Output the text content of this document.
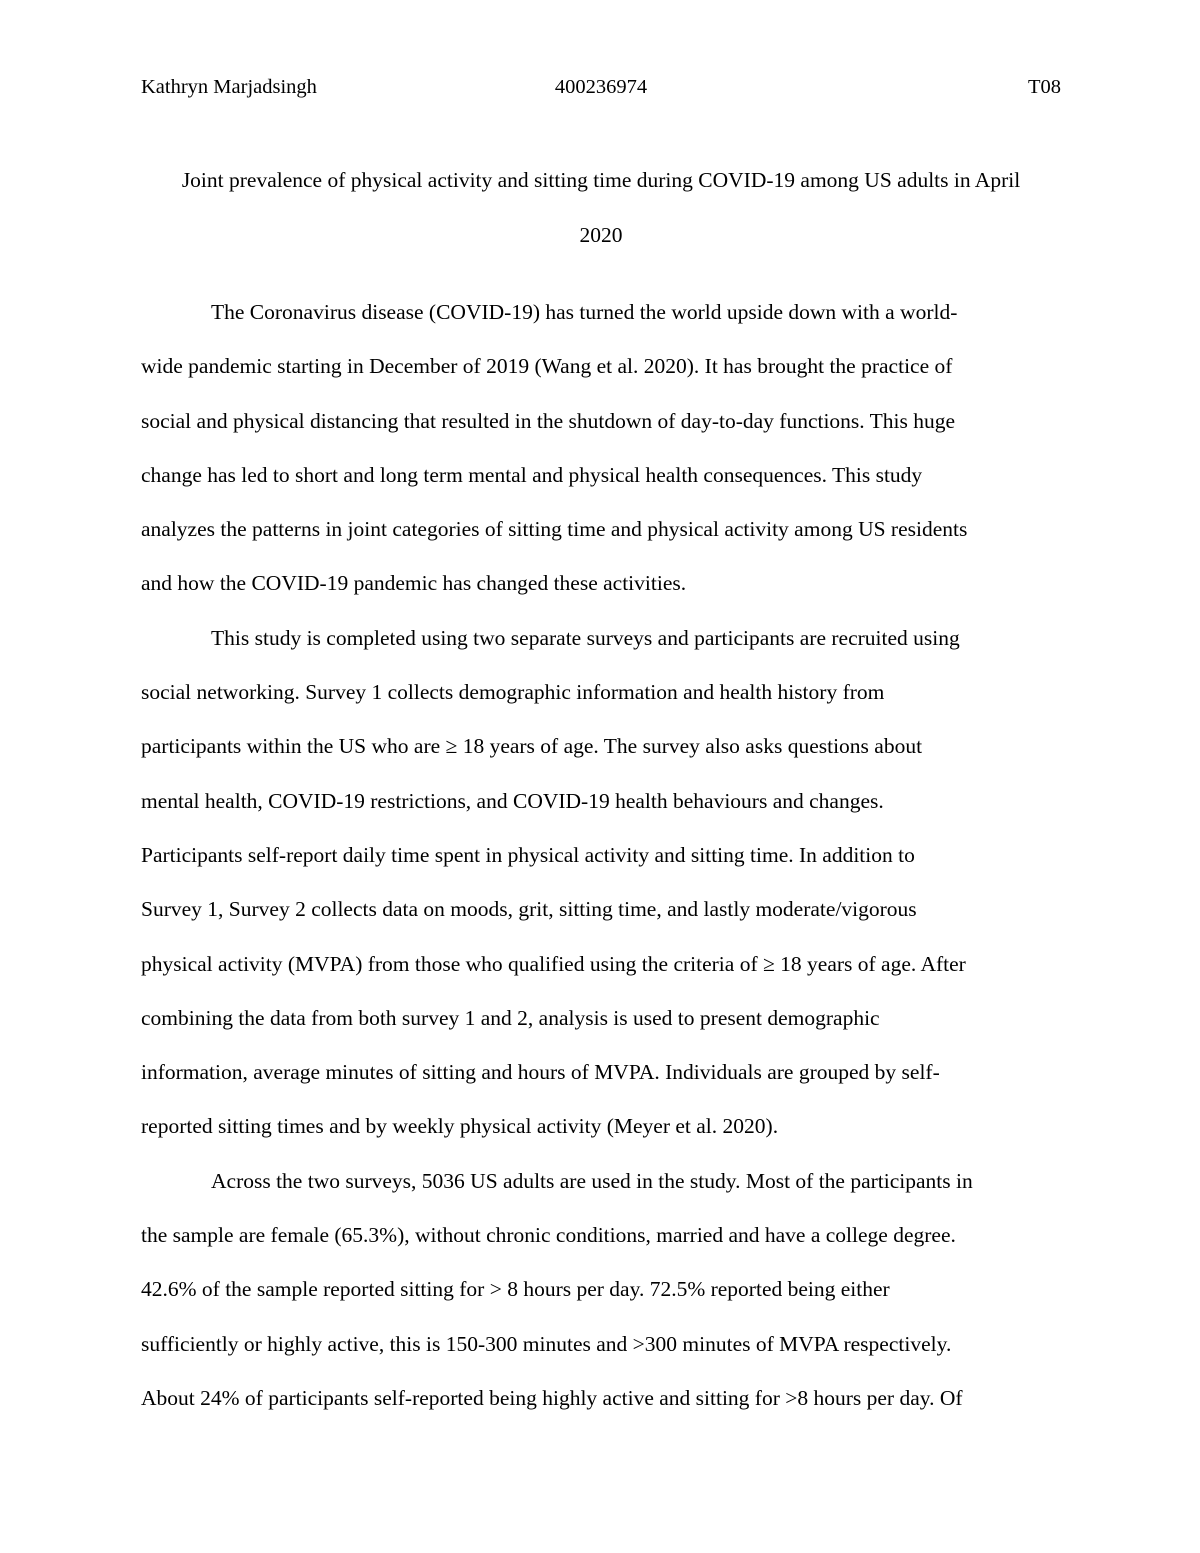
Kathryn Marjadsingh	400236974	T08
Joint prevalence of physical activity and sitting time during COVID-19 among US adults in April
2020
The Coronavirus disease (COVID-19) has turned the world upside down with a world-
wide pandemic starting in December of 2019 (Wang et al. 2020). It has brought the practice of
social and physical distancing that resulted in the shutdown of day-to-day functions. This huge
change has led to short and long term mental and physical health consequences. This study
analyzes the patterns in joint categories of sitting time and physical activity among US residents
and how the COVID-19 pandemic has changed these activities.
This study is completed using two separate surveys and participants are recruited using
social networking. Survey 1 collects demographic information and health history from
participants within the US who are ≥ 18 years of age. The survey also asks questions about
mental health, COVID-19 restrictions, and COVID-19 health behaviours and changes.
Participants self-report daily time spent in physical activity and sitting time. In addition to
Survey 1, Survey 2 collects data on moods, grit, sitting time, and lastly moderate/vigorous
physical activity (MVPA) from those who qualified using the criteria of ≥ 18 years of age. After
combining the data from both survey 1 and 2, analysis is used to present demographic
information, average minutes of sitting and hours of MVPA. Individuals are grouped by self-
reported sitting times and by weekly physical activity (Meyer et al. 2020).
Across the two surveys, 5036 US adults are used in the study. Most of the participants in
the sample are female (65.3%), without chronic conditions, married and have a college degree.
42.6% of the sample reported sitting for > 8 hours per day. 72.5% reported being either
sufficiently or highly active, this is 150-300 minutes and >300 minutes of MVPA respectively.
About 24% of participants self-reported being highly active and sitting for >8 hours per day. Of
